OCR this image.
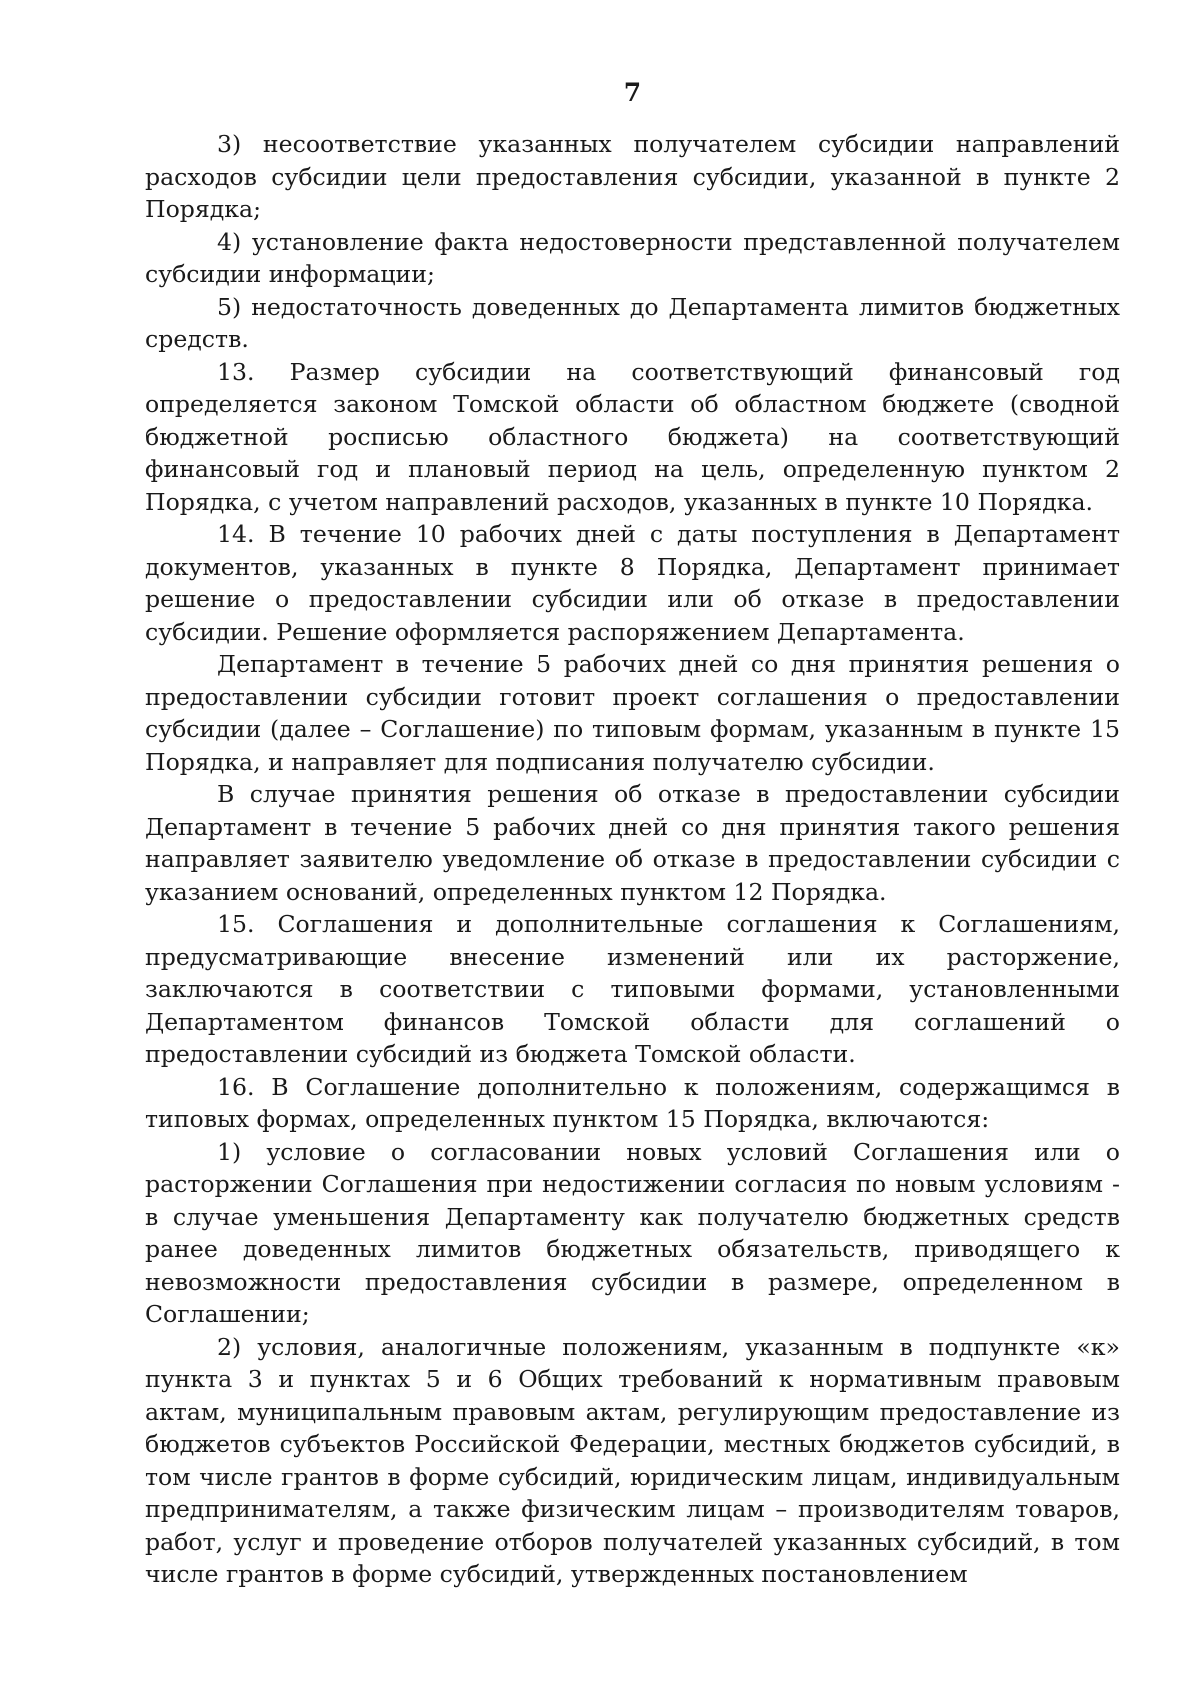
7

3) несоответствие указанных получателем субсидии направлений расходов субсидии цели предоставления субсидии, указанной в пункте 2 Порядка;

4) установление факта недостоверности представленной получателем субсидии информации;

5) недостаточность доведенных до Департамента лимитов бюджетных средств.

13. Размер субсидии на соответствующий финансовый год определяется законом Томской области об областном бюджете (сводной бюджетной росписью областного бюджета) на соответствующий финансовый год и плановый период на цель, определенную пунктом 2 Порядка, с учетом направлений расходов, указанных в пункте 10 Порядка.

14. В течение 10 рабочих дней с даты поступления в Департамент документов, указанных в пункте 8 Порядка, Департамент принимает решение о предоставлении субсидии или об отказе в предоставлении субсидии. Решение оформляется распоряжением Департамента.

Департамент в течение 5 рабочих дней со дня принятия решения о предоставлении субсидии готовит проект соглашения о предоставлении субсидии (далее – Соглашение) по типовым формам, указанным в пункте 15 Порядка, и направляет для подписания получателю субсидии.

В случае принятия решения об отказе в предоставлении субсидии Департамент в течение 5 рабочих дней со дня принятия такого решения направляет заявителю уведомление об отказе в предоставлении субсидии с указанием оснований, определенных пунктом 12 Порядка.

15. Соглашения и дополнительные соглашения к Соглашениям, предусматривающие внесение изменений или их расторжение, заключаются в соответствии с типовыми формами, установленными Департаментом финансов Томской области для соглашений о предоставлении субсидий из бюджета Томской области.

16. В Соглашение дополнительно к положениям, содержащимся в типовых формах, определенных пунктом 15 Порядка, включаются:

1) условие о согласовании новых условий Соглашения или о расторжении Соглашения при недостижении согласия по новым условиям - в случае уменьшения Департаменту как получателю бюджетных средств ранее доведенных лимитов бюджетных обязательств, приводящего к невозможности предоставления субсидии в размере, определенном в Соглашении;

2) условия, аналогичные положениям, указанным в подпункте «к» пункта 3 и пунктах 5 и 6 Общих требований к нормативным правовым актам, муниципальным правовым актам, регулирующим предоставление из бюджетов субъектов Российской Федерации, местных бюджетов субсидий, в том числе грантов в форме субсидий, юридическим лицам, индивидуальным предпринимателям, а также физическим лицам – производителям товаров, работ, услуг и проведение отборов получателей указанных субсидий, в том числе грантов в форме субсидий, утвержденных постановлением
